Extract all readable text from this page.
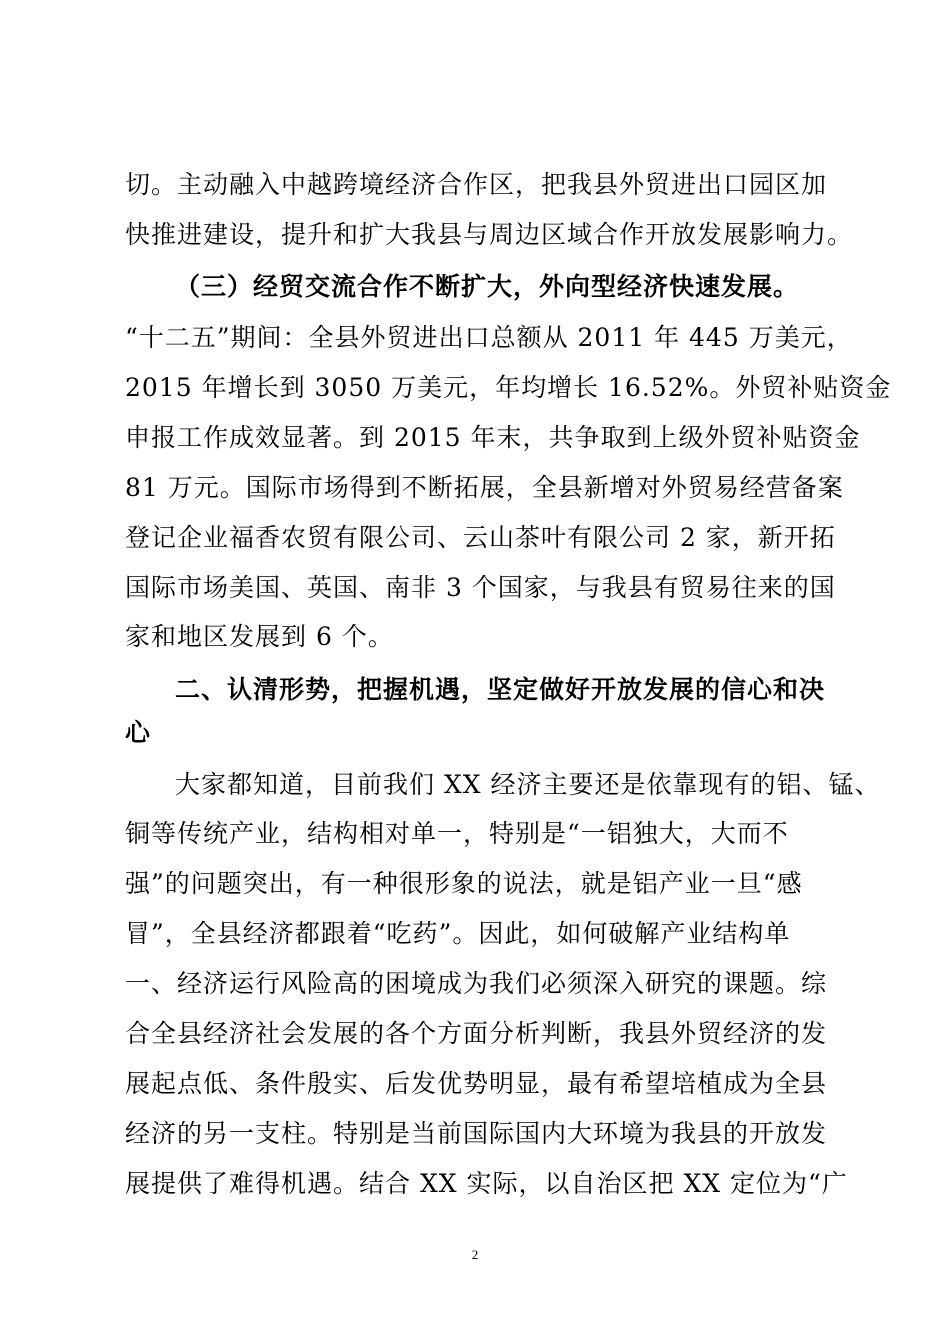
切。主动融入中越跨境经济合作区，把我县外贸进出口园区加
快推进建设，提升和扩大我县与周边区域合作开放发展影响力。
（三）经贸交流合作不断扩大，外向型经济快速发展。
“十二五”期间：全县外贸进出口总额从 2011 年 445 万美元，
2015 年增长到 3050 万美元，年均增长 16.52%。外贸补贴资金
申报工作成效显著。到 2015 年末，共争取到上级外贸补贴资金
81 万元。国际市场得到不断拓展，全县新增对外贸易经营备案
登记企业福香农贸有限公司、云山茶叶有限公司 2 家，新开拓
国际市场美国、英国、南非 3 个国家，与我县有贸易往来的国
家和地区发展到 6 个。
二、认清形势，把握机遇，坚定做好开放发展的信心和决
心
大家都知道，目前我们 XX 经济主要还是依靠现有的铝、锰、
铜等传统产业，结构相对单一，特别是“一铝独大，大而不
强”的问题突出，有一种很形象的说法，就是铝产业一旦“感
冒”，全县经济都跟着“吃药”。因此，如何破解产业结构单
一、经济运行风险高的困境成为我们必须深入研究的课题。综
合全县经济社会发展的各个方面分析判断，我县外贸经济的发
展起点低、条件殷实、后发优势明显，最有希望培植成为全县
经济的另一支柱。特别是当前国际国内大环境为我县的开放发
展提供了难得机遇。结合 XX 实际，以自治区把 XX 定位为“广
2
